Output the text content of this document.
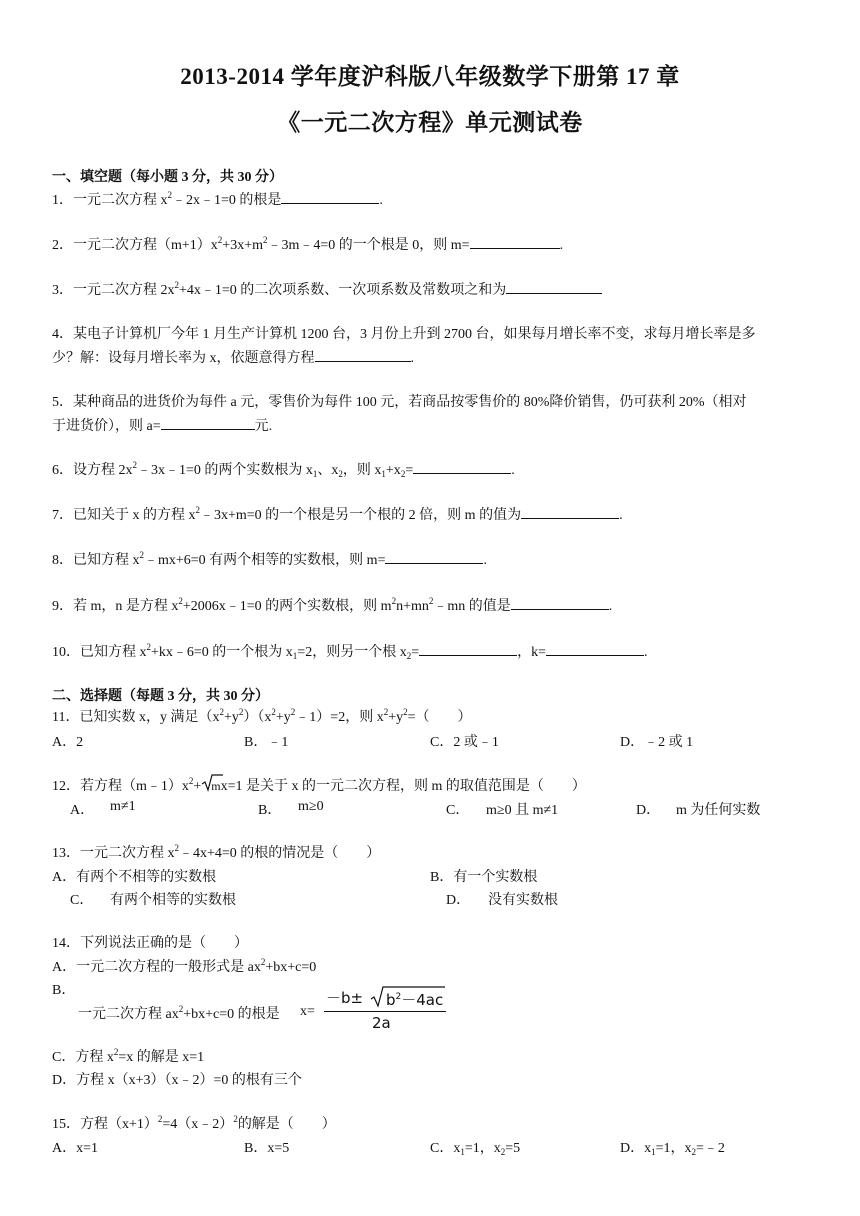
2013-2014 学年度沪科版八年级数学下册第 17 章
《一元二次方程》单元测试卷
一、填空题（每小题 3 分，共 30 分）
1．一元二次方程 $x^2﹣2x﹣1=0$ 的根是	.
2．一元二次方程$(m+1)x^2+3x+m^2﹣3m﹣4=0$ 的一个根是 0，则 m=	.
3．一元二次方程 $2x^2+4x﹣1=0$ 的二次项系数、一次项系数及常数项之和为
4．某电子计算机厂今年 1 月生产计算机 1200 台，3 月份上升到 2700 台，如果每月增长率不变，求每月增长率是多
少？解：设每月增长率为 x，依题意得方程	.
5．某种商品的进货价为每件 a 元，零售价为每件 100 元，若商品按零售价的 80%降价销售，仍可获利 20%（相对
于进货价），则 a=	元.
6．设方程 $2x^2﹣3x﹣1=0$ 的两个实数根为 $x_1$、$x_2$，则 $x_1+x_2=$	.
7．已知关于 x 的方程 $x^2﹣3x+m=0$ 的一个根是另一个根的 2 倍，则 m 的值为	.
8．已知方程 $x^2﹣mx+6=0$ 有两个相等的实数根，则 m=	.
9．若 m，n 是方程 $x^2+2006x﹣1=0$ 的两个实数根，则 $m^2n+mn^2﹣mn$ 的值是	.
10．已知方程 $x^2+kx﹣6=0$ 的一个根为 $x_1=2$，则另一个根 $x_2=$	，k=	.
二、选择题（每题 3 分，共 30 分）
11．已知实数 x，y 满足$(x^2+y^2)(x^2+y^2﹣1)=2$，则 $x^2+y^2=$（　　）
A．2	B．﹣1	C．2 或﹣1	D．﹣2 或 1
12．若方程$(m﹣1)x^2+ mx=1$ 是关于 x 的一元二次方程，则 m 的取值范围是（　　）
A． m≠1	B． m≥0	C． m≥0 且 m≠1	D． m 为任何实数
13．一元二次方程 $x^2﹣4x+4=0$ 的根的情况是（　　）
A．有两个不相等的实数根	B．有一个实数根
C． 有两个相等的实数根	D． 没有实数根
14．下列说法正确的是（　　）
A．一元二次方程的一般形式是 $ax^2+bx+c=0$
B．
一元二次方程 $ax^2+bx+c=0$ 的根是 x=
$-b\pm b^2-4ac$
2a
C．方程 $x^2=x$ 的解是 x=1
D．方程 x（x+3）（x﹣2）=0 的根有三个
15．方程$(x+1)^2=4(x﹣2)^2$的解是（　　）
A．x=1	B．x=5	C．$x_1=1$，$x_2=5$	D．$x_1=1$，$x_2=﹣2$
